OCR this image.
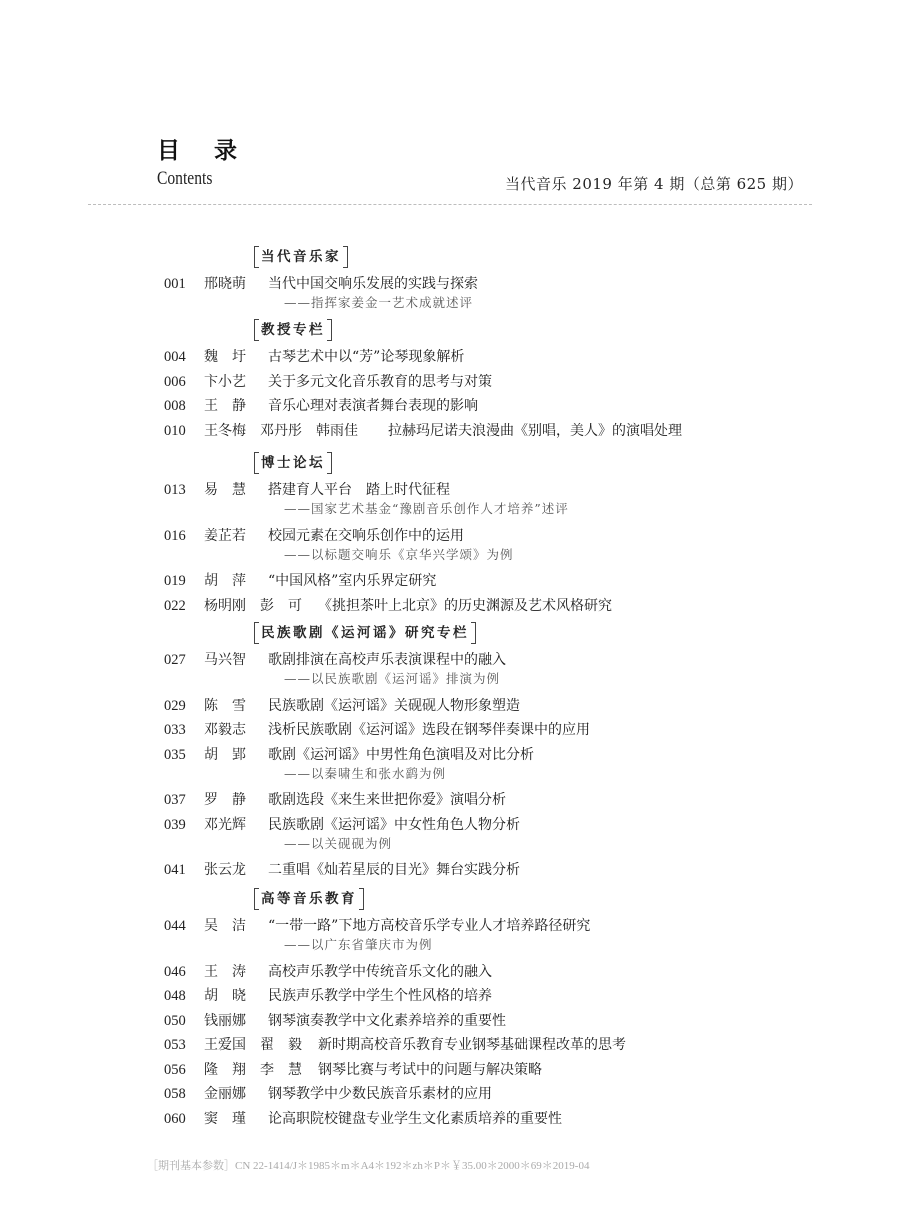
目 录
Contents	当代音乐 2019 年第 4 期（总第 625 期）
当代音乐家
001 邢晓萌 当代中国交响乐发展的实践与探索
——指挥家姜金一艺术成就述评
教授专栏
004 魏　圩 古琴艺术中以“芳”论琴现象解析
006 卞小艺 关于多元文化音乐教育的思考与对策
008 王　静 音乐心理对表演者舞台表现的影响
010 王冬梅　邓丹彤　韩雨佳 拉赫玛尼诺夫浪漫曲《别唱，美人》的演唱处理
博士论坛
013 易　慧 搭建育人平台　踏上时代征程
——国家艺术基金“豫剧音乐创作人才培养”述评
016 姜芷若 校园元素在交响乐创作中的运用
——以标题交响乐《京华兴学颂》为例
019 胡　萍 “中国风格”室内乐界定研究
022 杨明刚　彭　可 《挑担茶叶上北京》的历史渊源及艺术风格研究
民族歌剧《运河谣》研究专栏
027 马兴智 歌剧排演在高校声乐表演课程中的融入
——以民族歌剧《运河谣》排演为例
029 陈　雪 民族歌剧《运河谣》关砚砚人物形象塑造
033 邓毅志 浅析民族歌剧《运河谣》选段在钢琴伴奏课中的应用
035 胡　郢 歌剧《运河谣》中男性角色演唱及对比分析
——以秦啸生和张水鹞为例
037 罗　静 歌剧选段《来生来世把你爱》演唱分析
039 邓光辉 民族歌剧《运河谣》中女性角色人物分析
——以关砚砚为例
041 张云龙 二重唱《灿若星辰的目光》舞台实践分析
高等音乐教育
044 吴　洁 “一带一路”下地方高校音乐学专业人才培养路径研究
——以广东省肇庆市为例
046 王　涛 高校声乐教学中传统音乐文化的融入
048 胡　晓 民族声乐教学中学生个性风格的培养
050 钱丽娜 钢琴演奏教学中文化素养培养的重要性
053 王爱国　翟　毅 新时期高校音乐教育专业钢琴基础课程改革的思考
056 隆　翔　李　慧 钢琴比赛与考试中的问题与解决策略
058 金丽娜 钢琴教学中少数民族音乐素材的应用
060 窦　瑾 论高职院校键盘专业学生文化素质培养的重要性
［期刊基本参数］CN 22-1414/J＊1985＊m＊A4＊192＊zh＊P＊￥35.00＊2000＊69＊2019-04
